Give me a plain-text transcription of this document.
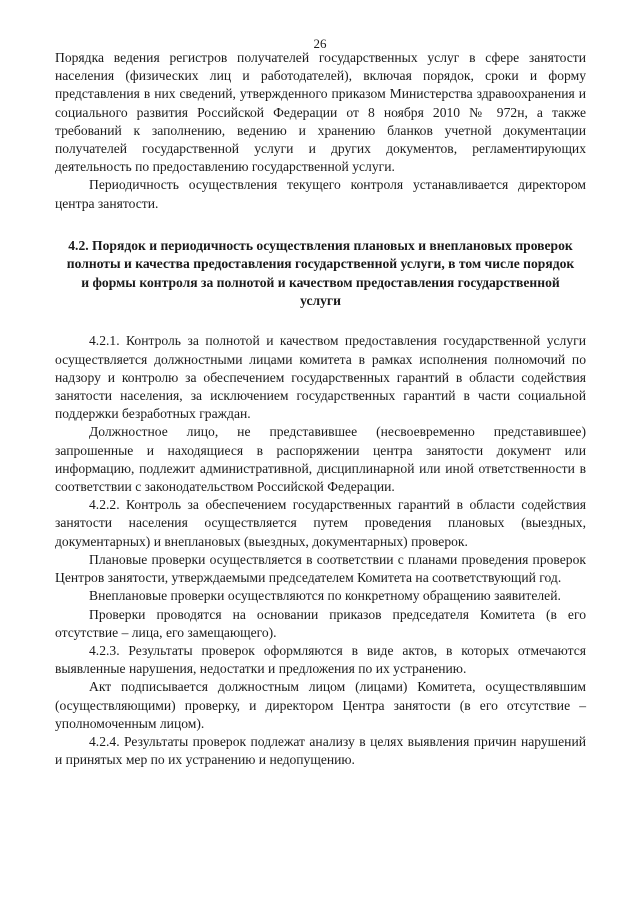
26

Порядка ведения регистров получателей государственных услуг в сфере занятости населения (физических лиц и работодателей), включая порядок, сроки и форму представления в них сведений, утвержденного приказом Министерства здравоохранения и социального развития Российской Федерации от 8 ноября 2010 № 972н, а также требований к заполнению, ведению и хранению бланков учетной документации получателей государственной услуги и других документов, регламентирующих деятельность по предоставлению государственной услуги.

Периодичность осуществления текущего контроля устанавливается директором центра занятости.

4.2. Порядок и периодичность осуществления плановых и внеплановых проверок полноты и качества предоставления государственной услуги, в том числе порядок и формы контроля за полнотой и качеством предоставления государственной услуги

4.2.1. Контроль за полнотой и качеством предоставления государственной услуги осуществляется должностными лицами комитета в рамках исполнения полномочий по надзору и контролю за обеспечением государственных гарантий в области содействия занятости населения, за исключением государственных гарантий в части социальной поддержки безработных граждан.

Должностное лицо, не представившее (несвоевременно представившее) запрошенные и находящиеся в распоряжении центра занятости документ или информацию, подлежит административной, дисциплинарной или иной ответственности в соответствии с законодательством Российской Федерации.

4.2.2. Контроль за обеспечением государственных гарантий в области содействия занятости населения осуществляется путем проведения плановых (выездных, документарных) и внеплановых (выездных, документарных) проверок.

Плановые проверки осуществляется в соответствии с планами проведения проверок Центров занятости, утверждаемыми председателем Комитета на соответствующий год.

Внеплановые проверки осуществляются по конкретному обращению заявителей.

Проверки проводятся на основании приказов председателя Комитета (в его отсутствие – лица, его замещающего).

4.2.3. Результаты проверок оформляются в виде актов, в которых отмечаются выявленные нарушения, недостатки и предложения по их устранению.

Акт подписывается должностным лицом (лицами) Комитета, осуществлявшим (осуществляющими) проверку, и директором Центра занятости (в его отсутствие – уполномоченным лицом).

4.2.4. Результаты проверок подлежат анализу в целях выявления причин нарушений и принятых мер по их устранению и недопущению.
